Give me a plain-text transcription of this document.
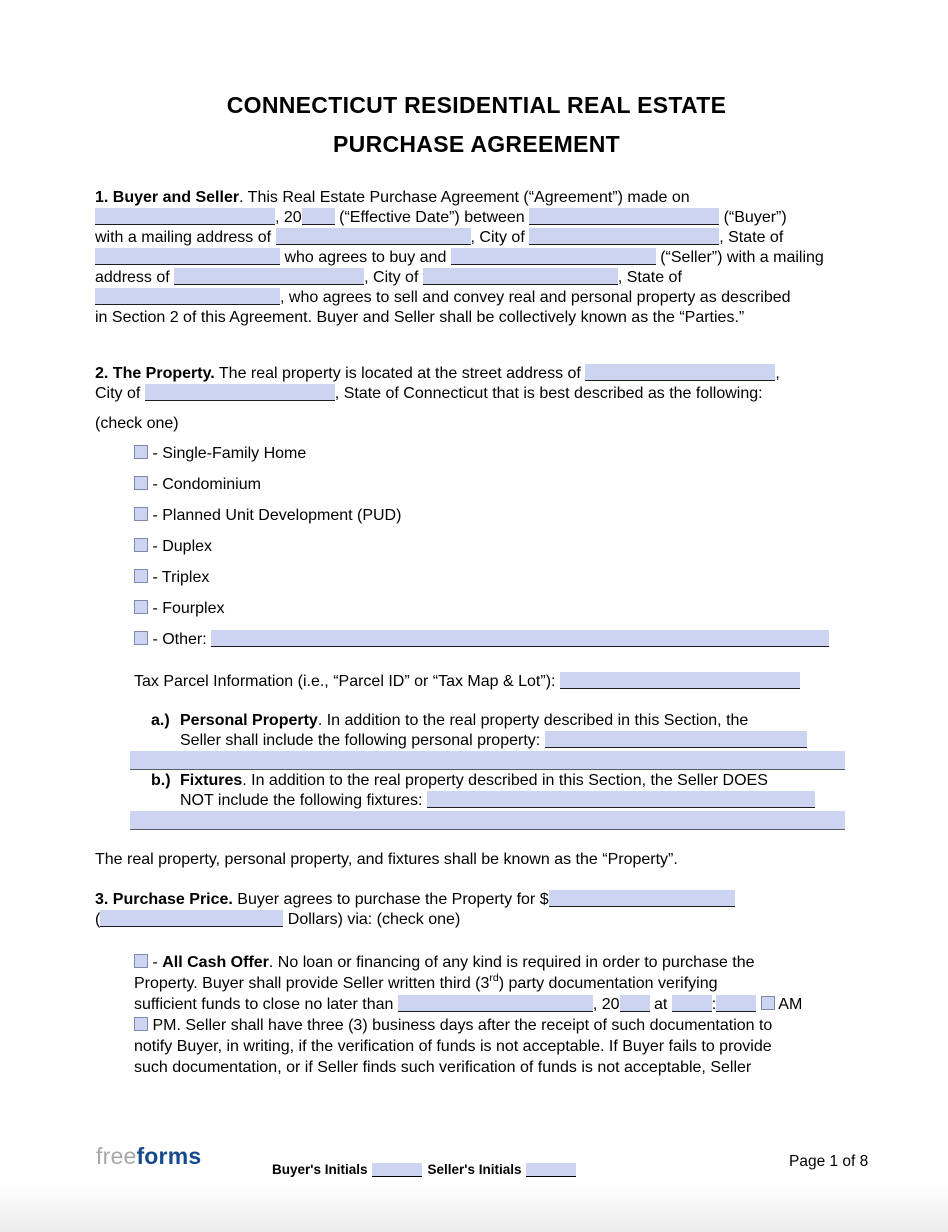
CONNECTICUT RESIDENTIAL REAL ESTATE
PURCHASE AGREEMENT

1. Buyer and Seller. This Real Estate Purchase Agreement (“Agreement”) made on
, 20 (“Effective Date”) between	(“Buyer”)
with a mailing address of	, City of	, State of
who agrees to buy and	(“Seller”) with a mailing
address of	, City of	, State of
, who agrees to sell and convey real and personal property as described
in Section 2 of this Agreement. Buyer and Seller shall be collectively known as the “Parties.”

2. The Property. The real property is located at the street address of	,
City of	, State of Connecticut that is best described as the following:

(check one)

- Single-Family Home
- Condominium
- Planned Unit Development (PUD)
- Duplex
- Triplex
- Fourplex
- Other:

Tax Parcel Information (i.e., “Parcel ID” or “Tax Map & Lot”):

a.) Personal Property. In addition to the real property described in this Section, the
Seller shall include the following personal property:
b.) Fixtures. In addition to the real property described in this Section, the Seller DOES
NOT include the following fixtures:

The real property, personal property, and fixtures shall be known as the “Property”.

3. Purchase Price. Buyer agrees to purchase the Property for $
(	Dollars) via: (check one)

- All Cash Offer. No loan or financing of any kind is required in order to purchase the
Property. Buyer shall provide Seller written third (3rd) party documentation verifying
sufficient funds to close no later than	, 20 at	:	AM
PM. Seller shall have three (3) business days after the receipt of such documentation to
notify Buyer, in writing, if the verification of funds is not acceptable. If Buyer fails to provide
such documentation, or if Seller finds such verification of funds is not acceptable, Seller
freeforms
Buyer's Initials	Seller's Initials	Page 1 of 8
